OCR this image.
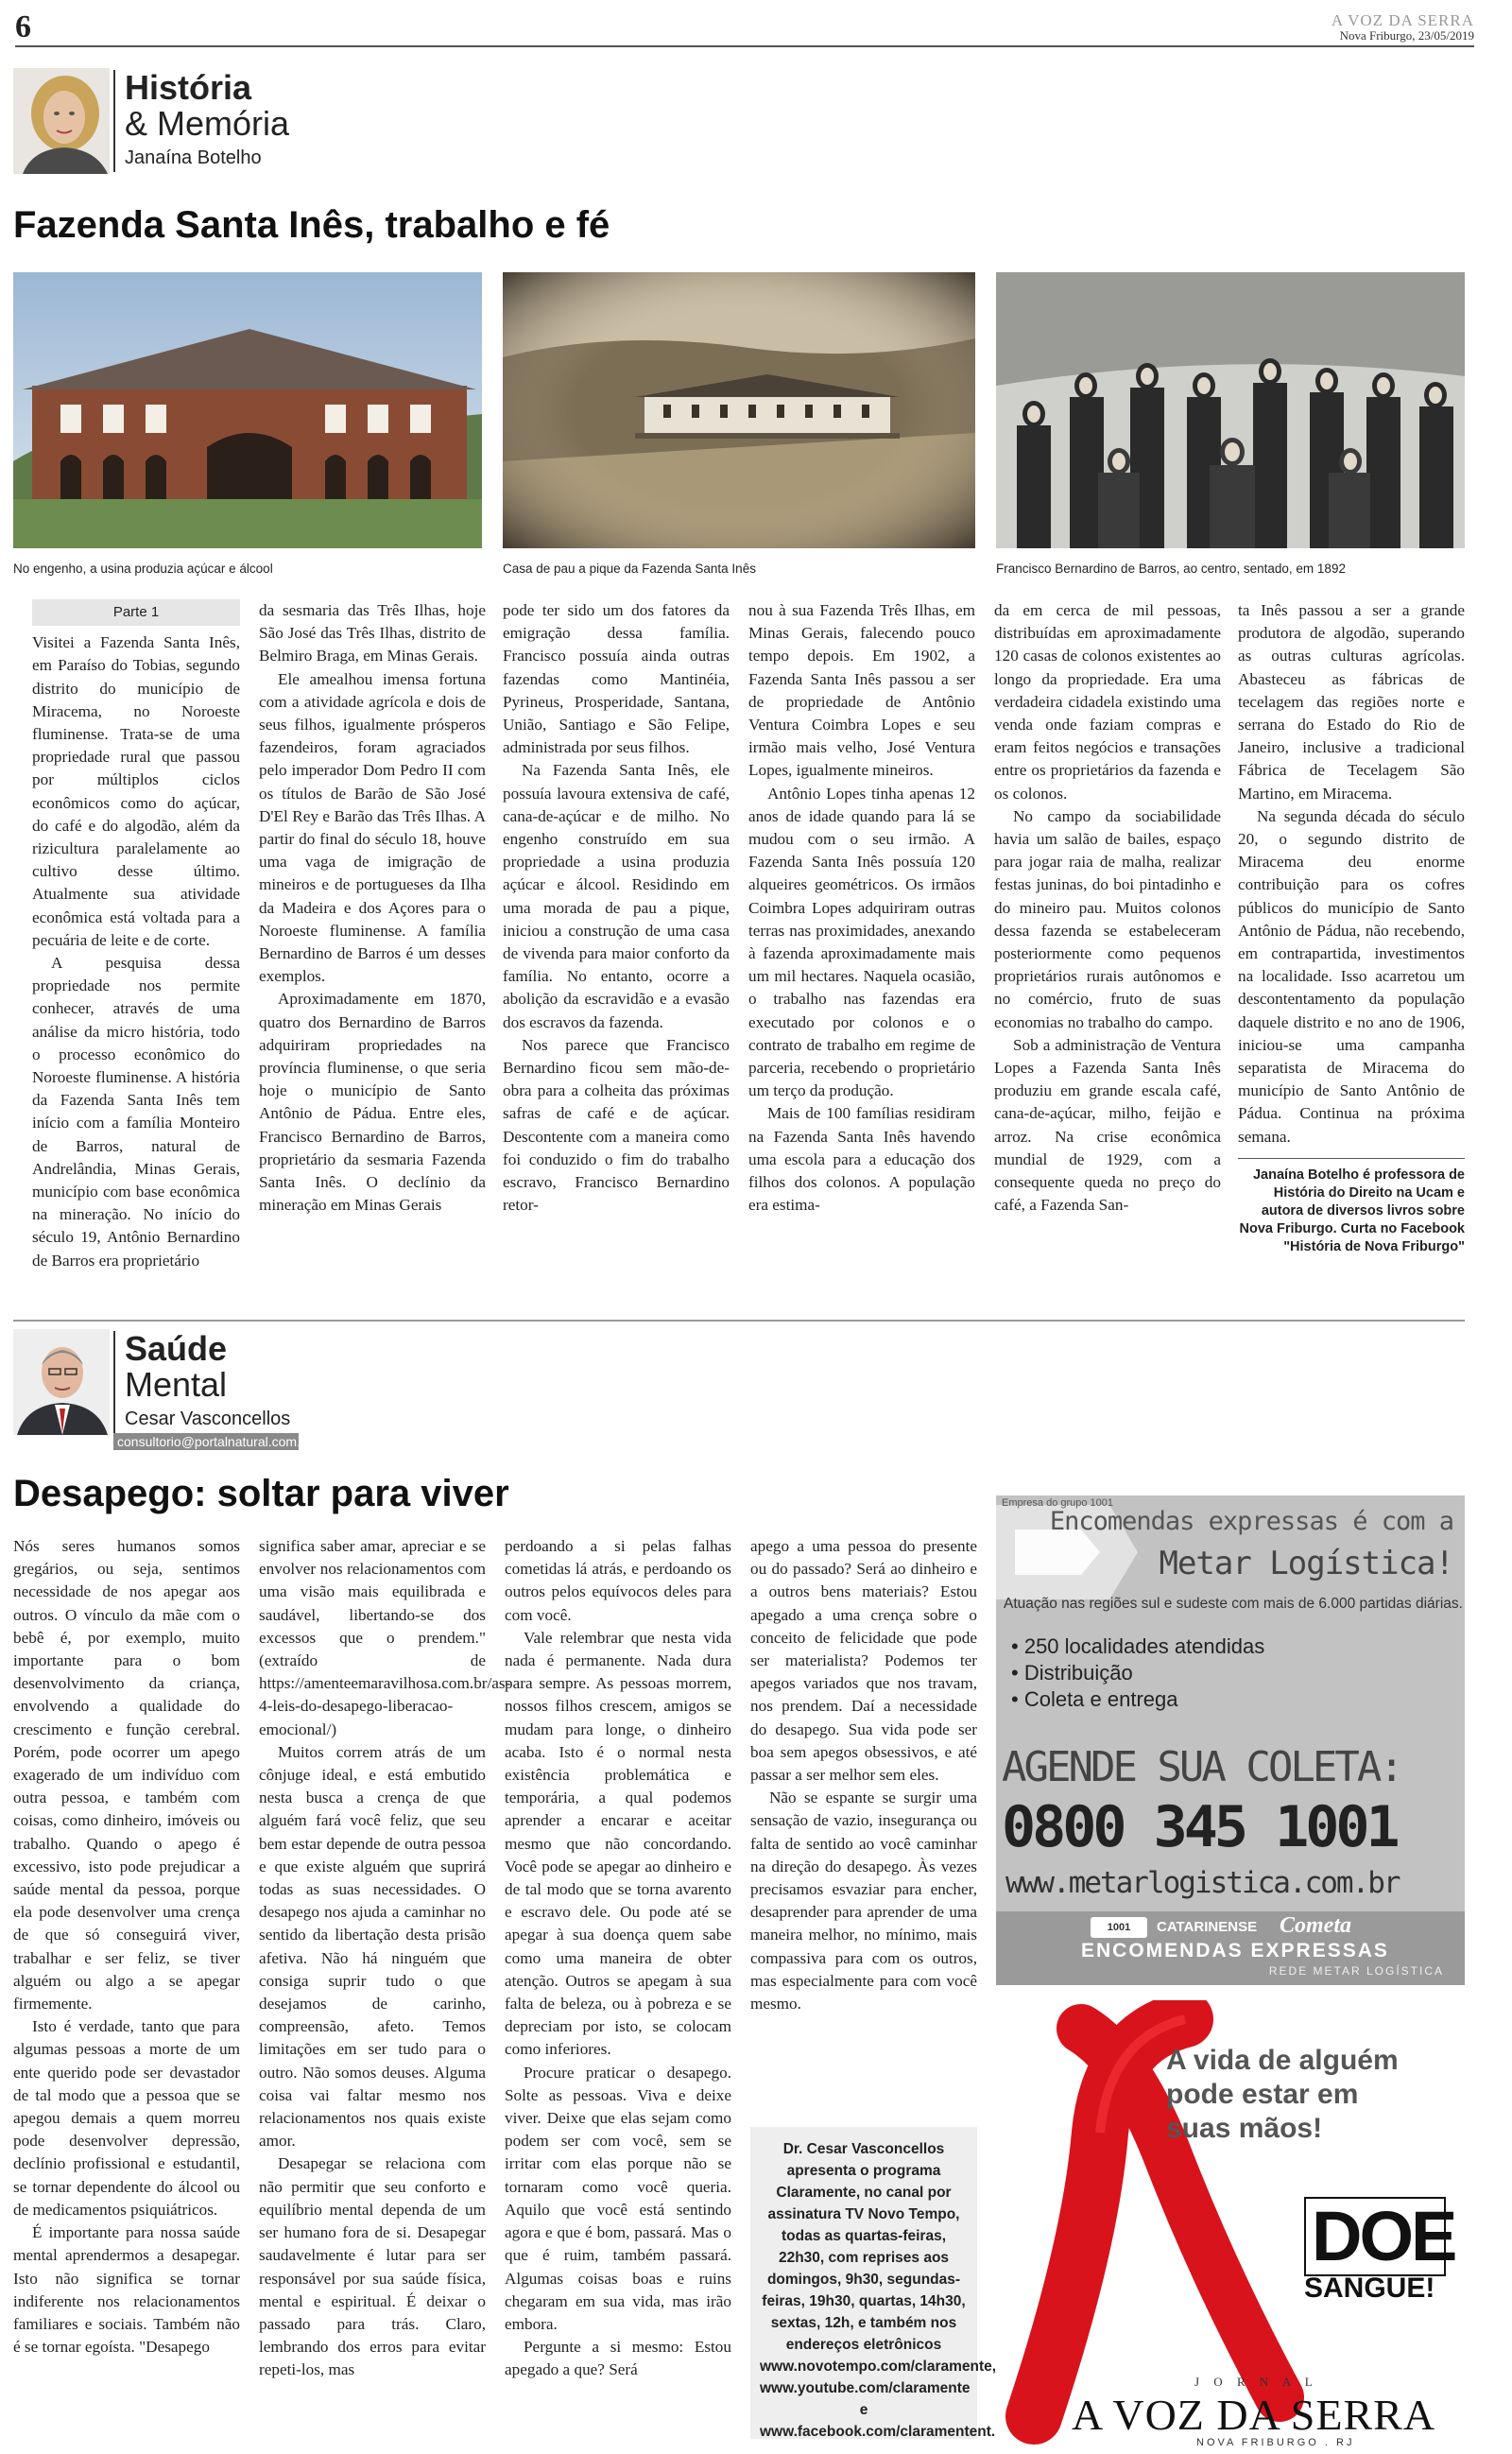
6	A VOZ DA SERRA
Nova Friburgo, 23/05/2019
História
& Memória
Janaína Botelho
Fazenda Santa Inês, trabalho e fé
No engenho, a usina produzia açúcar e álcool	Casa de pau a pique da Fazenda Santa Inês	Francisco Bernardino de Barros, ao centro, sentado, em 1892
Parte 1

Visitei a Fazenda Santa Inês, em Paraíso do Tobias, segundo distrito do município de Miracema, no Noroeste fluminense. Trata-se de uma propriedade rural que passou por múltiplos ciclos econômicos como do açúcar, do café e do algodão, além da rizicultura paralelamente ao cultivo desse último. Atualmente sua atividade econômica está voltada para a pecuária de leite e de corte.

A pesquisa dessa propriedade nos permite conhecer, através de uma análise da micro história, todo o processo econômico do Noroeste fluminense. A história da Fazenda Santa Inês tem início com a família Monteiro de Barros, natural de Andrelândia, Minas Gerais, município com base econômica na mineração. No início do século 19, Antônio Bernardino de Barros era proprietário

da sesmaria das Três Ilhas, hoje São José das Três Ilhas, distrito de Belmiro Braga, em Minas Gerais.

Ele amealhou imensa fortuna com a atividade agrícola e dois de seus filhos, igualmente prósperos fazendeiros, foram agraciados pelo imperador Dom Pedro II com os títulos de Barão de São José D'El Rey e Barão das Três Ilhas. A partir do final do século 18, houve uma vaga de imigração de mineiros e de portugueses da Ilha da Madeira e dos Açores para o Noroeste fluminense. A família Bernardino de Barros é um desses exemplos.

Aproximadamente em 1870, quatro dos Bernardino de Barros adquiriram propriedades na província fluminense, o que seria hoje o município de Santo Antônio de Pádua. Entre eles, Francisco Bernardino de Barros, proprietário da sesmaria Fazenda Santa Inês. O declínio da mineração em Minas Gerais

pode ter sido um dos fatores da emigração dessa família. Francisco possuía ainda outras fazendas como Mantinéia, Pyrineus, Prosperidade, Santana, União, Santiago e São Felipe, administrada por seus filhos.

Na Fazenda Santa Inês, ele possuía lavoura extensiva de café, cana-de-açúcar e de milho. No engenho construído em sua propriedade a usina produzia açúcar e álcool. Residindo em uma morada de pau a pique, iniciou a construção de uma casa de vivenda para maior conforto da família. No entanto, ocorre a abolição da escravidão e a evasão dos escravos da fazenda.

Nos parece que Francisco Bernardino ficou sem mão-de-obra para a colheita das próximas safras de café e de açúcar. Descontente com a maneira como foi conduzido o fim do trabalho escravo, Francisco Bernardino retor-

nou à sua Fazenda Três Ilhas, em Minas Gerais, falecendo pouco tempo depois. Em 1902, a Fazenda Santa Inês passou a ser de propriedade de Antônio Ventura Coimbra Lopes e seu irmão mais velho, José Ventura Lopes, igualmente mineiros.

Antônio Lopes tinha apenas 12 anos de idade quando para lá se mudou com o seu irmão. A Fazenda Santa Inês possuía 120 alqueires geométricos. Os irmãos Coimbra Lopes adquiriram outras terras nas proximidades, anexando à fazenda aproximadamente mais um mil hectares. Naquela ocasião, o trabalho nas fazendas era executado por colonos e o contrato de trabalho em regime de parceria, recebendo o proprietário um terço da produção.

Mais de 100 famílias residiram na Fazenda Santa Inês havendo uma escola para a educação dos filhos dos colonos. A população era estima-

da em cerca de mil pessoas, distribuídas em aproximadamente 120 casas de colonos existentes ao longo da propriedade. Era uma verdadeira cidadela existindo uma venda onde faziam compras e eram feitos negócios e transações entre os proprietários da fazenda e os colonos.

No campo da sociabilidade havia um salão de bailes, espaço para jogar raia de malha, realizar festas juninas, do boi pintadinho e do mineiro pau. Muitos colonos dessa fazenda se estabeleceram posteriormente como pequenos proprietários rurais autônomos e no comércio, fruto de suas economias no trabalho do campo.

Sob a administração de Ventura Lopes a Fazenda Santa Inês produziu em grande escala café, cana-de-açúcar, milho, feijão e arroz. Na crise econômica mundial de 1929, com a consequente queda no preço do café, a Fazenda San-

ta Inês passou a ser a grande produtora de algodão, superando as outras culturas agrícolas. Abasteceu as fábricas de tecelagem das regiões norte e serrana do Estado do Rio de Janeiro, inclusive a tradicional Fábrica de Tecelagem São Martino, em Miracema.

Na segunda década do século 20, o segundo distrito de Miracema deu enorme contribuição para os cofres públicos do município de Santo Antônio de Pádua, não recebendo, em contrapartida, investimentos na localidade. Isso acarretou um descontentamento da população daquele distrito e no ano de 1906, iniciou-se uma campanha separatista de Miracema do município de Santo Antônio de Pádua. Continua na próxima semana.

Janaína Botelho é professora de História do Direito na Ucam e autora de diversos livros sobre Nova Friburgo. Curta no Facebook "História de Nova Friburgo"
Saúde
Mental
Cesar Vasconcellos
consultorio@portalnatural.com.br
Desapego: soltar para viver

Nós seres humanos somos gregários, ou seja, sentimos necessidade de nos apegar aos outros. O vínculo da mãe com o bebê é, por exemplo, muito importante para o bom desenvolvimento da criança, envolvendo a qualidade do crescimento e função cerebral. Porém, pode ocorrer um apego exagerado de um indivíduo com outra pessoa, e também com coisas, como dinheiro, imóveis ou trabalho. Quando o apego é excessivo, isto pode prejudicar a saúde mental da pessoa, porque ela pode desenvolver uma crença de que só conseguirá viver, trabalhar e ser feliz, se tiver alguém ou algo a se apegar firmemente.

Isto é verdade, tanto que para algumas pessoas a morte de um ente querido pode ser devastador de tal modo que a pessoa que se apegou demais a quem morreu pode desenvolver depressão, declínio profissional e estudantil, se tornar dependente do álcool ou de medicamentos psiquiátricos.

É importante para nossa saúde mental aprendermos a desapegar. Isto não significa se tornar indiferente nos relacionamentos familiares e sociais. Também não é se tornar egoísta. "Desapego

significa saber amar, apreciar e se envolver nos relacionamentos com uma visão mais equilibrada e saudável, libertando-se dos excessos que o prendem." (extraído de https://amenteemaravilhosa.com.br/as-4-leis-do-desapego-liberacao-emocional/)

Muitos correm atrás de um cônjuge ideal, e está embutido nesta busca a crença de que alguém fará você feliz, que seu bem estar depende de outra pessoa e que existe alguém que suprirá todas as suas necessidades. O desapego nos ajuda a caminhar no sentido da libertação desta prisão afetiva. Não há ninguém que consiga suprir tudo o que desejamos de carinho, compreensão, afeto. Temos limitações em ser tudo para o outro. Não somos deuses. Alguma coisa vai faltar mesmo nos relacionamentos nos quais existe amor.

Desapegar se relaciona com não permitir que seu conforto e equilíbrio mental dependa de um ser humano fora de si. Desapegar saudavelmente é lutar para ser responsável por sua saúde física, mental e espiritual. É deixar o passado para trás. Claro, lembrando dos erros para evitar repeti-los, mas

perdoando a si pelas falhas cometidas lá atrás, e perdoando os outros pelos equívocos deles para com você.

Vale relembrar que nesta vida nada é permanente. Nada dura para sempre. As pessoas morrem, nossos filhos crescem, amigos se mudam para longe, o dinheiro acaba. Isto é o normal nesta existência problemática e temporária, a qual podemos aprender a encarar e aceitar mesmo que não concordando. Você pode se apegar ao dinheiro e de tal modo que se torna avarento e escravo dele. Ou pode até se apegar à sua doença quem sabe como uma maneira de obter atenção. Outros se apegam à sua falta de beleza, ou à pobreza e se depreciam por isto, se colocam como inferiores.

Procure praticar o desapego. Solte as pessoas. Viva e deixe viver. Deixe que elas sejam como podem ser com você, sem se irritar com elas porque não se tornaram como você queria. Aquilo que você está sentindo agora e que é bom, passará. Mas o que é ruim, também passará. Algumas coisas boas e ruins chegaram em sua vida, mas irão embora.

Pergunte a si mesmo: Estou apegado a que? Será

apego a uma pessoa do presente ou do passado? Será ao dinheiro e a outros bens materiais? Estou apegado a uma crença sobre o conceito de felicidade que pode ser materialista? Podemos ter apegos variados que nos travam, nos prendem. Daí a necessidade do desapego. Sua vida pode ser boa sem apegos obsessivos, e até passar a ser melhor sem eles.

Não se espante se surgir uma sensação de vazio, insegurança ou falta de sentido ao você caminhar na direção do desapego. Às vezes precisamos esvaziar para encher, desaprender para aprender de uma maneira melhor, no mínimo, mais compassiva para com os outros, mas especialmente para com você mesmo.

Dr. Cesar Vasconcellos apresenta o programa Claramente, no canal por assinatura TV Novo Tempo, todas as quartas-feiras, 22h30, com reprises aos domingos, 9h30, segundas-feiras, 19h30, quartas, 14h30, sextas, 12h, e também nos endereços eletrônicos www.novotempo.com/claramente, www.youtube.com/claramente e www.facebook.com/claramentent.
Empresa do grupo 1001
Encomendas expressas é com a
Metar Logística!
Atuação nas regiões sul e sudeste com mais de 6.000 partidas diárias.
• 250 localidades atendidas
• Distribuição
• Coleta e entrega
AGENDE SUA COLETA:
0800 345 1001
www.metarlogistica.com.br
1001	CATARINENSE Cometa
ENCOMENDAS EXPRESSAS
REDE METAR LOGÍSTICA
A vida de alguém
pode estar em
suas mãos!
DOE
SANGUE!
J O R N A L
A VOZ DA SERRA
NOVA FRIBURGO . RJ
